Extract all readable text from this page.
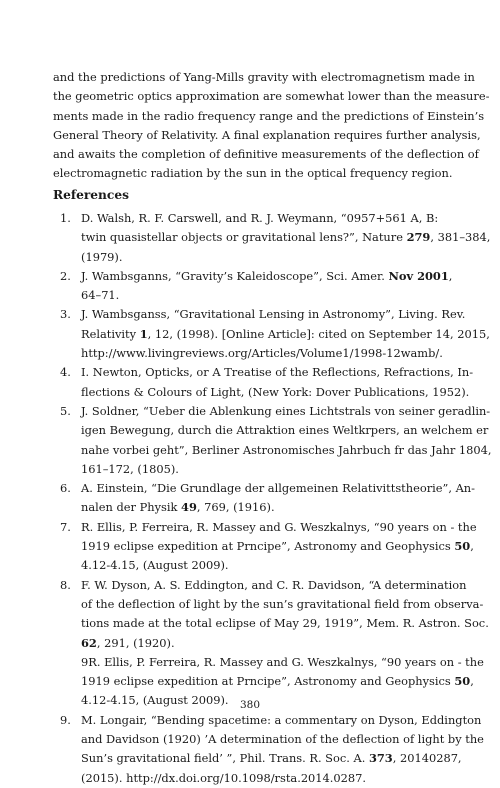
and the predictions of Yang-Mills gravity with electromagnetism made in
the geometric optics approximation are somewhat lower than the measure-
ments made in the radio frequency range and the predictions of Einstein’s
General Theory of Relativity. A final explanation requires further analysis,
and awaits the completion of definitive measurements of the deflection of
electromagnetic radiation by the sun in the optical frequency region.

References
1. D. Walsh, R. F. Carswell, and R. J. Weymann, “0957+561 A, B:
twin quasistellar objects or gravitational lens?”, Nature 279, 381–384,
(1979).
2. J. Wambsganns, “Gravity’s Kaleidoscope”, Sci. Amer. Nov 2001,
64–71.
3. J. Wambsganss, “Gravitational Lensing in Astronomy”, Living. Rev.
Relativity 1, 12, (1998). [Online Article]: cited on September 14, 2015,
http://www.livingreviews.org/Articles/Volume1/1998-12wamb/.
4. I. Newton, Opticks, or A Treatise of the Reflections, Refractions, In-
flections & Colours of Light, (New York: Dover Publications, 1952).
5. J. Soldner, “Ueber die Ablenkung eines Lichtstrals von seiner geradlin-
igen Bewegung, durch die Attraktion eines Weltkrpers, an welchem er
nahe vorbei geht”, Berliner Astronomisches Jahrbuch fr das Jahr 1804,
161–172, (1805).
6. A. Einstein, “Die Grundlage der allgemeinen Relativittstheorie”, An-
nalen der Physik 49, 769, (1916).
7. R. Ellis, P. Ferreira, R. Massey and G. Weszkalnys, “90 years on - the
1919 eclipse expedition at Prncipe”, Astronomy and Geophysics 50,
4.12-4.15, (August 2009).
8. F. W. Dyson, A. S. Eddington, and C. R. Davidson, “A determination
of the deflection of light by the sun’s gravitational field from observa-
tions made at the total eclipse of May 29, 1919”, Mem. R. Astron. Soc.
62, 291, (1920).
9R. Ellis, P. Ferreira, R. Massey and G. Weszkalnys, “90 years on - the
1919 eclipse expedition at Prncipe”, Astronomy and Geophysics 50,
4.12-4.15, (August 2009).
9. M. Longair, “Bending spacetime: a commentary on Dyson, Eddington
and Davidson (1920) ’A determination of the deflection of light by the
Sun’s gravitational field’ ”, Phil. Trans. R. Soc. A. 373, 20140287,
(2015). http://dx.doi.org/10.1098/rsta.2014.0287.
380
